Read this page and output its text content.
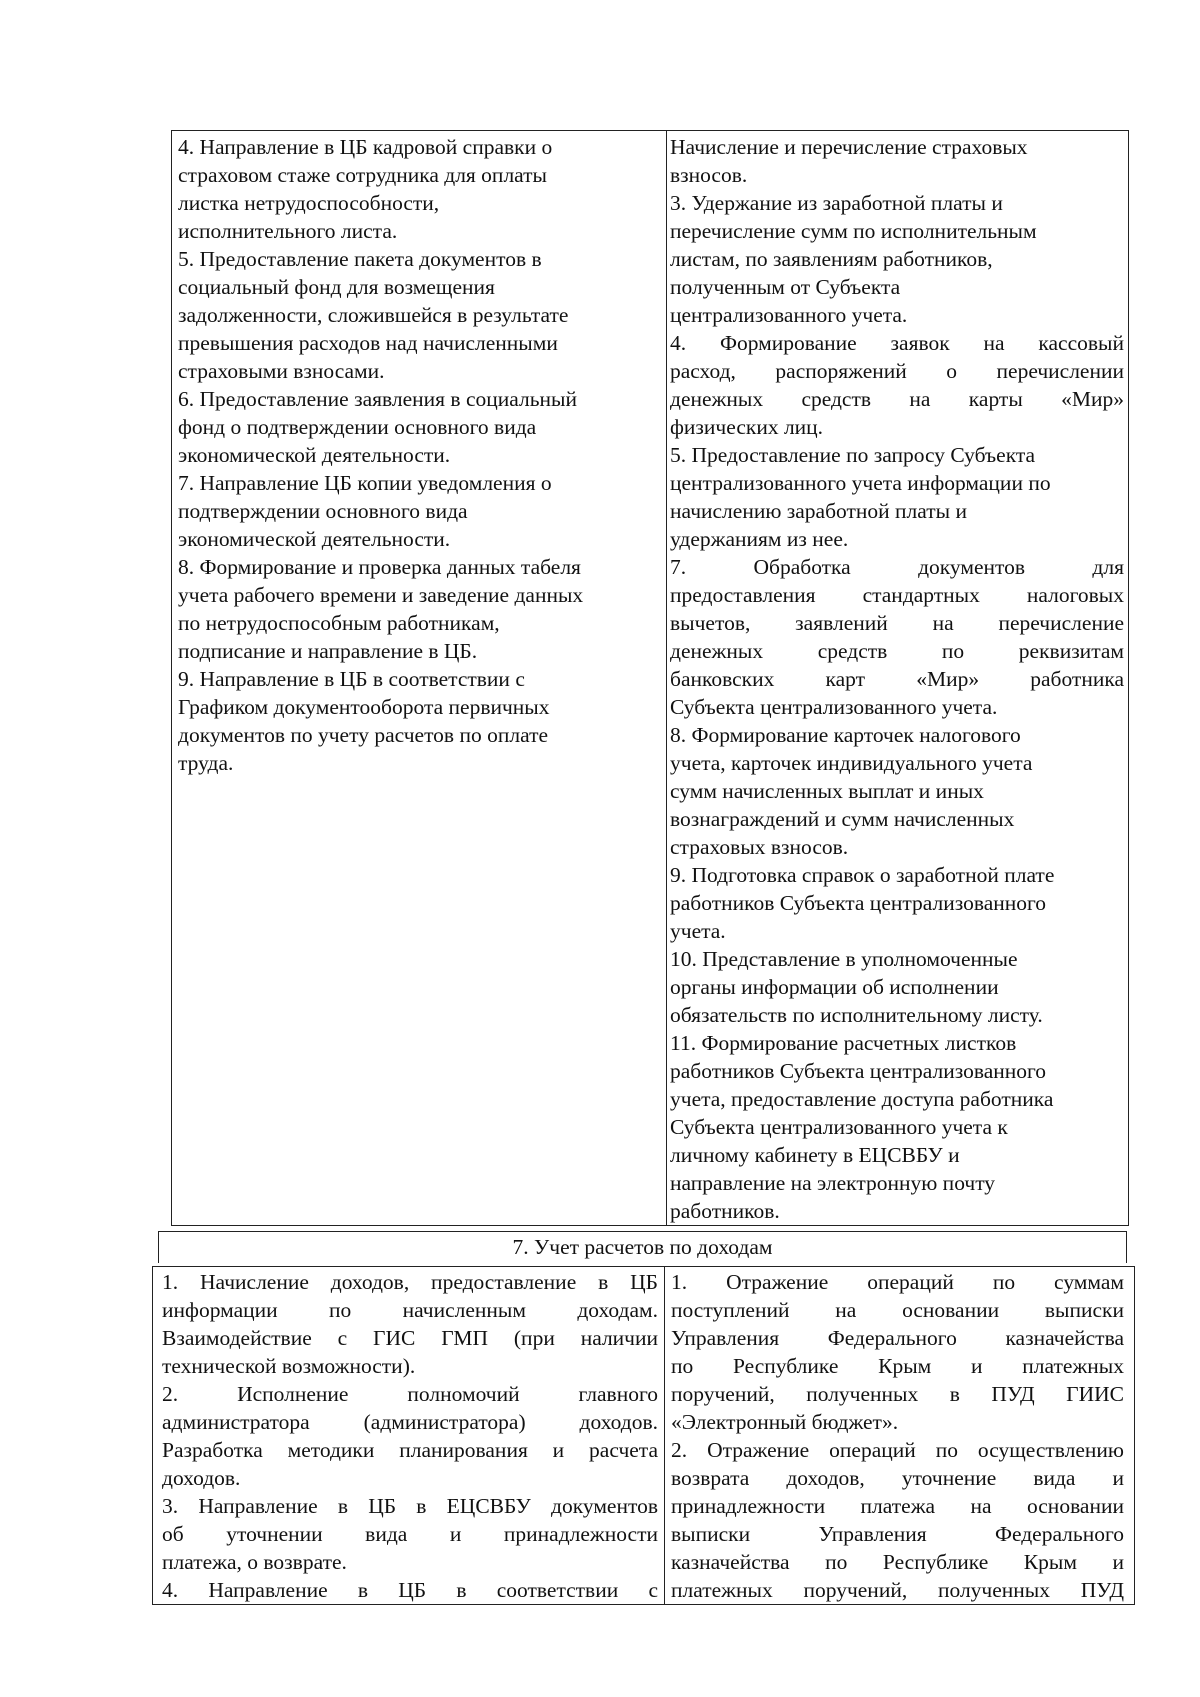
4. Направление в ЦБ кадровой справки о
страховом стаже сотрудника для оплаты
листка нетрудоспособности,
исполнительного листа.
5. Предоставление пакета документов в
социальный фонд для возмещения
задолженности, сложившейся в результате
превышения расходов над начисленными
страховыми взносами.
6. Предоставление заявления в социальный
фонд о подтверждении основного вида
экономической деятельности.
7. Направление ЦБ копии уведомления о
подтверждении основного вида
экономической деятельности.
8. Формирование и проверка данных табеля
учета рабочего времени и заведение данных
по нетрудоспособным работникам,
подписание и направление в ЦБ.
9. Направление в ЦБ в соответствии с
Графиком документооборота первичных
документов по учету расчетов по оплате
труда.

Начисление и перечисление страховых
взносов.
3. Удержание из заработной платы и
перечисление сумм по исполнительным
листам, по заявлениям работников,
полученным от Субъекта
централизованного учета.
4. Формирование заявок на кассовый
расход, распоряжений о перечислении
денежных средств на карты «Мир»
физических лиц.
5. Предоставление по запросу Субъекта
централизованного учета информации по
начислению заработной платы и
удержаниям из нее.
7. Обработка документов для
предоставления стандартных налоговых
вычетов, заявлений на перечисление
денежных средств по реквизитам
банковских карт «Мир» работника
Субъекта централизованного учета.
8. Формирование карточек налогового
учета, карточек индивидуального учета
сумм начисленных выплат и иных
вознаграждений и сумм начисленных
страховых взносов.
9. Подготовка справок о заработной плате
работников Субъекта централизованного
учета.
10. Представление в уполномоченные
органы информации об исполнении
обязательств по исполнительному листу.
11. Формирование расчетных листков
работников Субъекта централизованного
учета, предоставление доступа работника
Субъекта централизованного учета к
личному кабинету в ЕЦСВБУ и
направление на электронную почту
работников.
7. Учет расчетов по доходам
1. Начисление доходов, предоставление в ЦБ
информации по начисленным доходам.
Взаимодействие с ГИС ГМП (при наличии
технической возможности).
2. Исполнение полномочий главного
администратора (администратора) доходов.
Разработка методики планирования и расчета
доходов.
3. Направление в ЦБ в ЕЦСВБУ документов
об уточнении вида и принадлежности
платежа, о возврате.
4. Направление в ЦБ в соответствии с

1. Отражение операций по суммам
поступлений на основании выписки
Управления Федерального казначейства
по Республике Крым и платежных
поручений, полученных в ПУД ГИИС
«Электронный бюджет».
2. Отражение операций по осуществлению
возврата доходов, уточнение вида и
принадлежности платежа на основании
выписки Управления Федерального
казначейства по Республике Крым и
платежных поручений, полученных ПУД
